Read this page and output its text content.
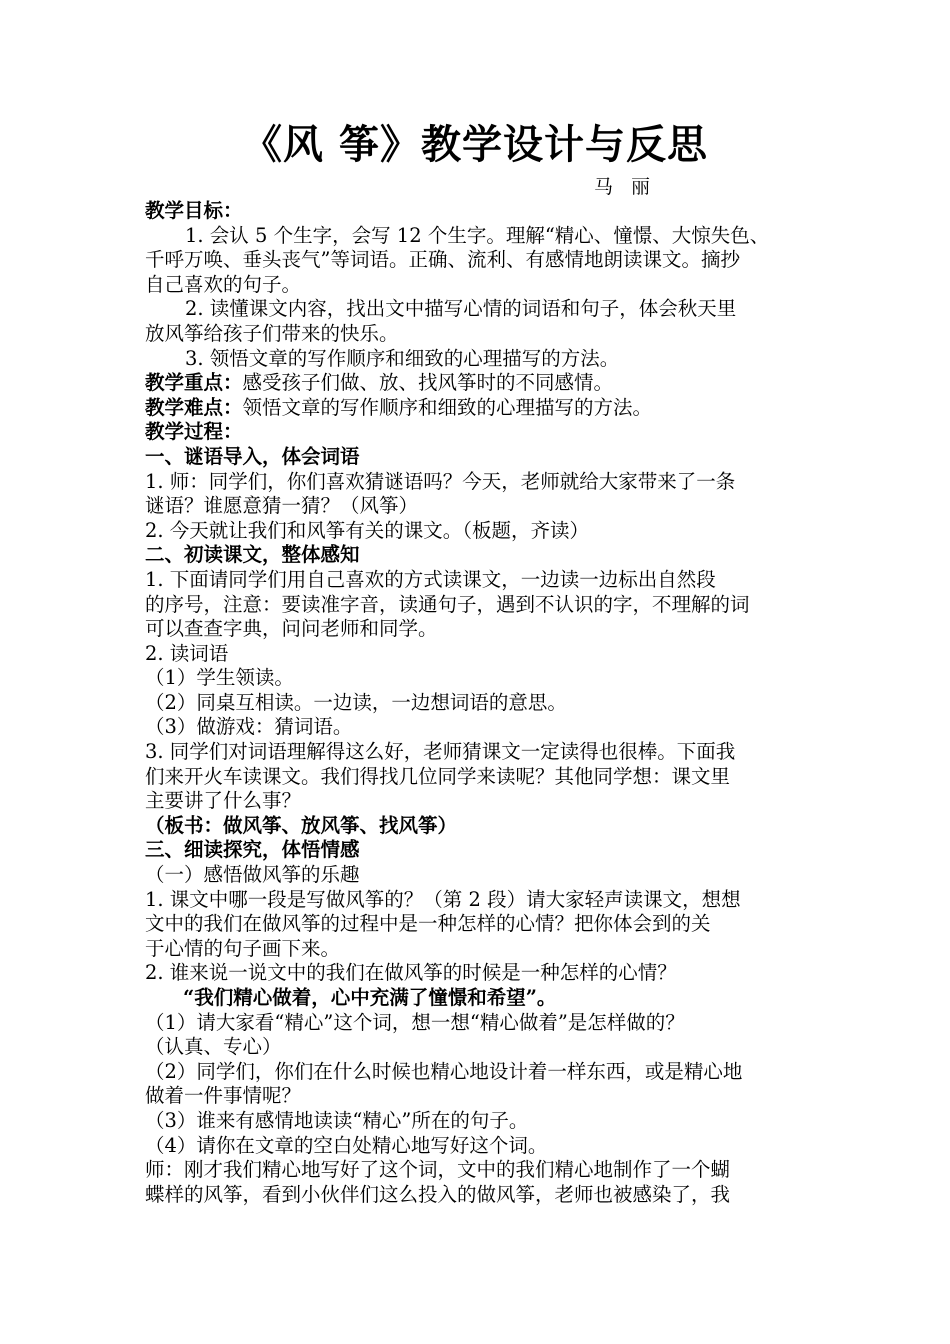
《风 筝》教学设计与反思
马 丽
教学目标：
1. 会认 5 个生字，会写 12 个生字。理解“精心、憧憬、大惊失色、
千呼万唤、垂头丧气”等词语。正确、流利、有感情地朗读课文。摘抄
自己喜欢的句子。
2. 读懂课文内容，找出文中描写心情的词语和句子，体会秋天里
放风筝给孩子们带来的快乐。
3. 领悟文章的写作顺序和细致的心理描写的方法。
教学重点：感受孩子们做、放、找风筝时的不同感情。
教学难点：领悟文章的写作顺序和细致的心理描写的方法。
教学过程：
一、谜语导入，体会词语
1. 师：同学们，你们喜欢猜谜语吗？今天，老师就给大家带来了一条
谜语？谁愿意猜一猜？（风筝）
2. 今天就让我们和风筝有关的课文。（板题，齐读）
二、初读课文，整体感知
1. 下面请同学们用自己喜欢的方式读课文，一边读一边标出自然段
的序号，注意：要读准字音，读通句子，遇到不认识的字，不理解的词
可以查查字典，问问老师和同学。
2. 读词语
（1）学生领读。
（2）同桌互相读。一边读，一边想词语的意思。
（3）做游戏：猜词语。
3. 同学们对词语理解得这么好，老师猜课文一定读得也很棒。下面我
们来开火车读课文。我们得找几位同学来读呢？其他同学想：课文里
主要讲了什么事？
（板书：做风筝、放风筝、找风筝）
三、细读探究，体悟情感
（一）感悟做风筝的乐趣
1. 课文中哪一段是写做风筝的？（第 2 段）请大家轻声读课文，想想
文中的我们在做风筝的过程中是一种怎样的心情？把你体会到的关
于心情的句子画下来。
2. 谁来说一说文中的我们在做风筝的时候是一种怎样的心情？
“我们精心做着，心中充满了憧憬和希望”。
（1）请大家看“精心”这个词，想一想“精心做着”是怎样做的？
（认真、专心）
（2）同学们，你们在什么时候也精心地设计着一样东西，或是精心地
做着一件事情呢？
（3）谁来有感情地读读“精心”所在的句子。
（4）请你在文章的空白处精心地写好这个词。
师：刚才我们精心地写好了这个词，文中的我们精心地制作了一个蝴
蝶样的风筝，看到小伙伴们这么投入的做风筝，老师也被感染了，我
